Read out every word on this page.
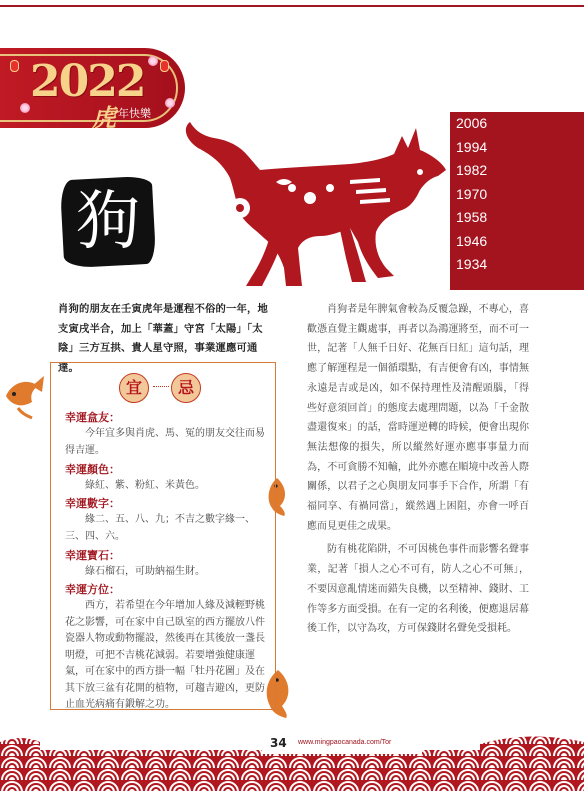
2022
虎 年快樂
2006
1994
1982
1970
1958
1946
1934
狗
肖狗的朋友在壬寅虎年是運程不俗的一年，地支寅戌半合，加上「華蓋」守宮「太陽」「太陰」三方互拱、貴人星守照，事業運應可通達。
宜	忌
幸運盒友：
今年宜多與肖虎、馬、冤的朋友交往而易得吉運。
幸運顏色：
綠紅、紫、粉紅、米黃色。
幸運數字：
緣二、五、八、九；不吉之數字緣一、三、四、六。
幸運寶石：
綠石榴石，可助納福生財。
幸運方位：
西方，若希望在今年增加人緣及減輕野桃花之影響，可在家中自己臥室的西方擺放八件瓷器人物或動物擺設，然後再在其後放一盞長明燈，可把不吉桃花減弱。若要增強健康運氣，可在家中的西方掛一幅「牡丹花圖」及在其下放三盆有花開的植物，可趨吉避凶，更防止血光病痛有鍛解之功。

肖狗者是年脾氣會較為反覆急躁，不專心，喜歡憑直覺主觀處事，再者以為鴻運將至，而不可一世，記著「人無千日好、花無百日紅」這句話，理應了解運程是一個循環點，有吉便會有凶，事情無永遠是吉或是凶，如不保持理性及清醒頭腦，「得些好意須回首」的態度去處理問題，以為「千金散盡還復來」的話，當時運逆轉的時候，便會出現你無法想像的損失，所以縱然好運亦應事事量力而為，不可貪勝不知輸，此外亦應在順境中改善人際關係，以君子之心與朋友同事手下合作，所謂「有福同享、有禍同當」，縱然遇上困阻，亦會一呼百應而見更佳之成果。

防有桃花陷阱，不可因桃色事件而影響名聲事業，記著「損人之心不可有，防人之心不可無」，不要因意亂情迷而錯失良機，以至精神、錢財、工作等多方面受損。在有一定的名利後，便應退居幕後工作，以守為攻，方可保錢財名聲免受損耗。

34 www.mingpaocanada.com/Tor
